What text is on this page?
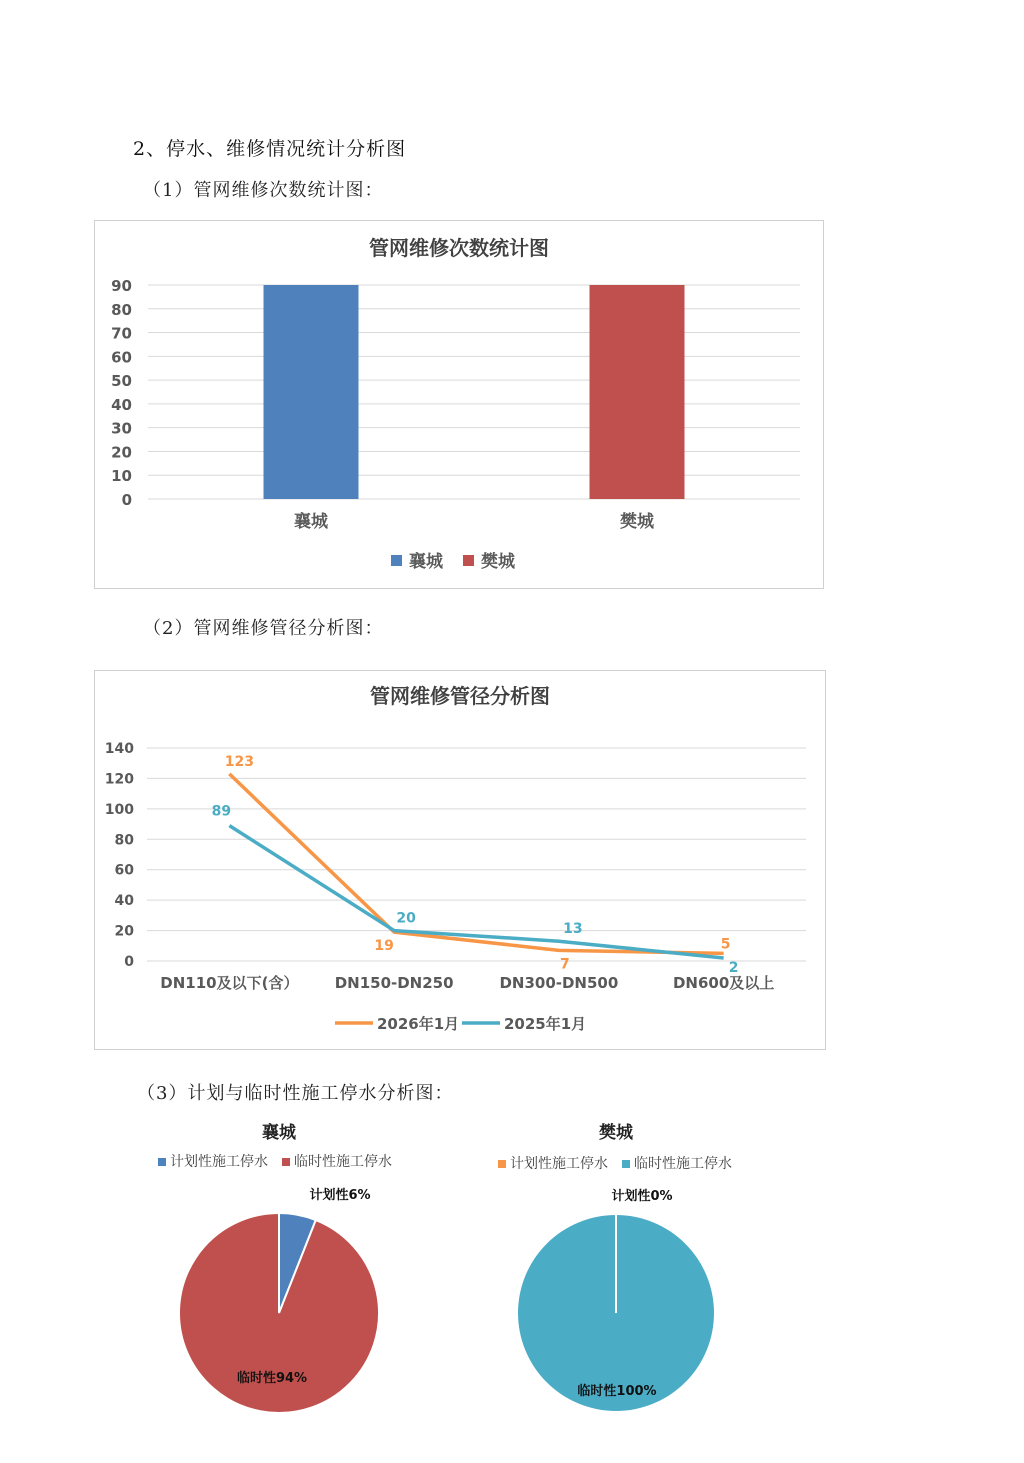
2、停水、维修情况统计分析图
（1）管网维修次数统计图：
（2）管网维修管径分析图：
（3）计划与临时性施工停水分析图：
管网维修次数统计图
0
10
20
30
40
50
60
70
80
90
襄城	樊城
襄城 樊城
管网维修管径分析图
0
20
40
60
80
100
120
140
123
19
7
5
89
20
13
2
DN110及以下(含） DN150-DN250	DN300-DN500	DN600及以上
2026年1月	2025年1月
襄城
计划性施工停水 临时性施工停水
计划性6%
临时性94%
樊城
计划性施工停水 临时性施工停水
计划性0%
临时性100%
